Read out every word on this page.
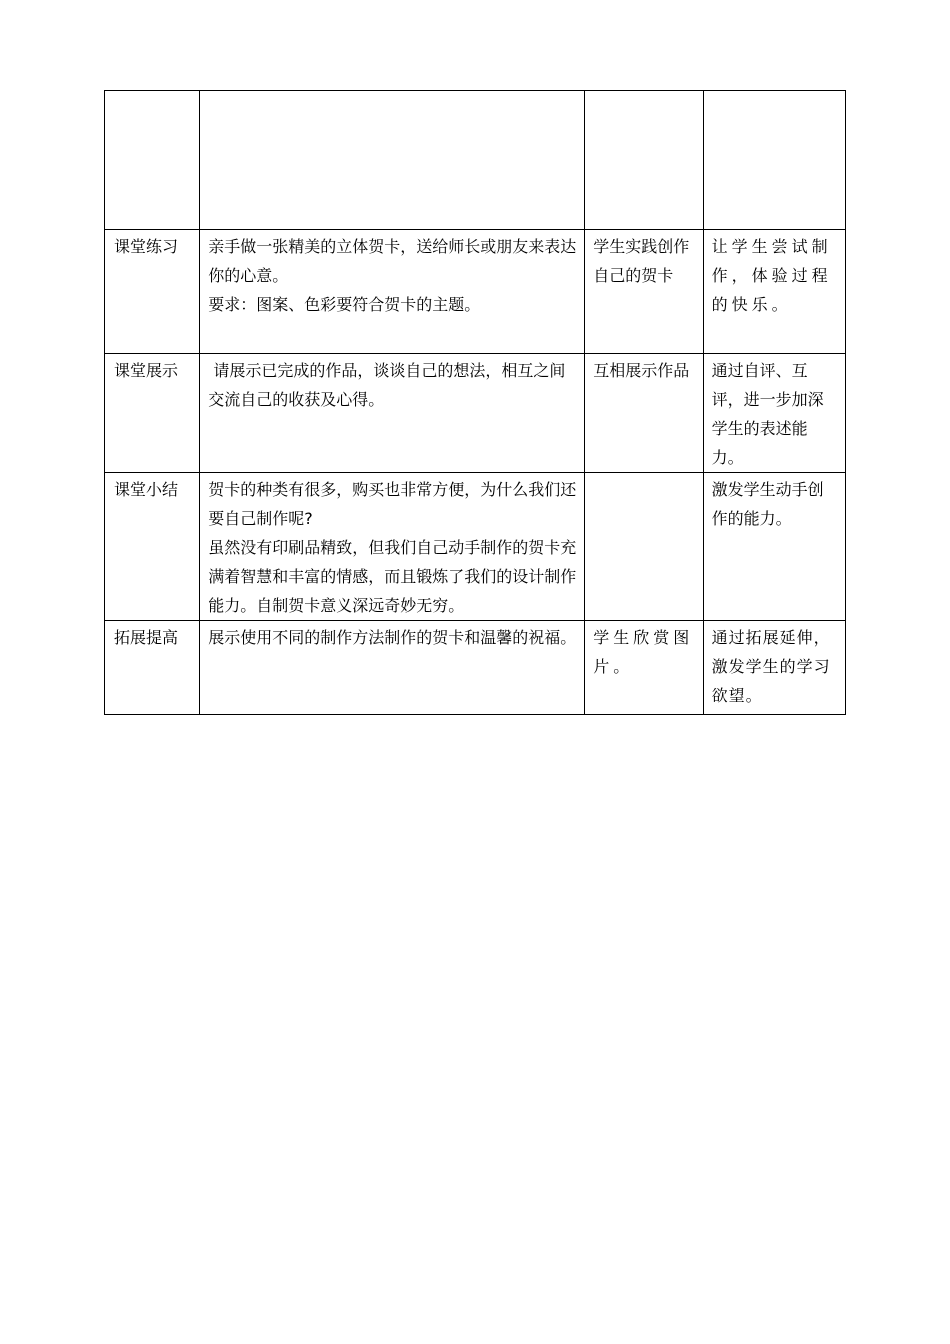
课堂练习	亲手做一张精美的立体贺卡，送给师长或朋友来表达你的心意。

要求：图案、色彩要符合贺卡的主题。	学生实践创作自己的贺卡	让学生尝试制作，体验过程的快乐。
课堂展示	请展示已完成的作品，谈谈自己的想法，相互之间交流自己的收获及心得。	互相展示作品	通过自评、互评，进一步加深学生的表述能力。
课堂小结	贺卡的种类有很多，购买也非常方便，为什么我们还要自己制作呢?

虽然没有印刷品精致，但我们自己动手制作的贺卡充满着智慧和丰富的情感，而且锻炼了我们的设计制作能力。自制贺卡意义深远奇妙无穷。		激发学生动手创作的能力。
拓展提高	展示使用不同的制作方法制作的贺卡和温馨的祝福。	学生欣赏图片。	通过拓展延伸，激发学生的学习欲望。
